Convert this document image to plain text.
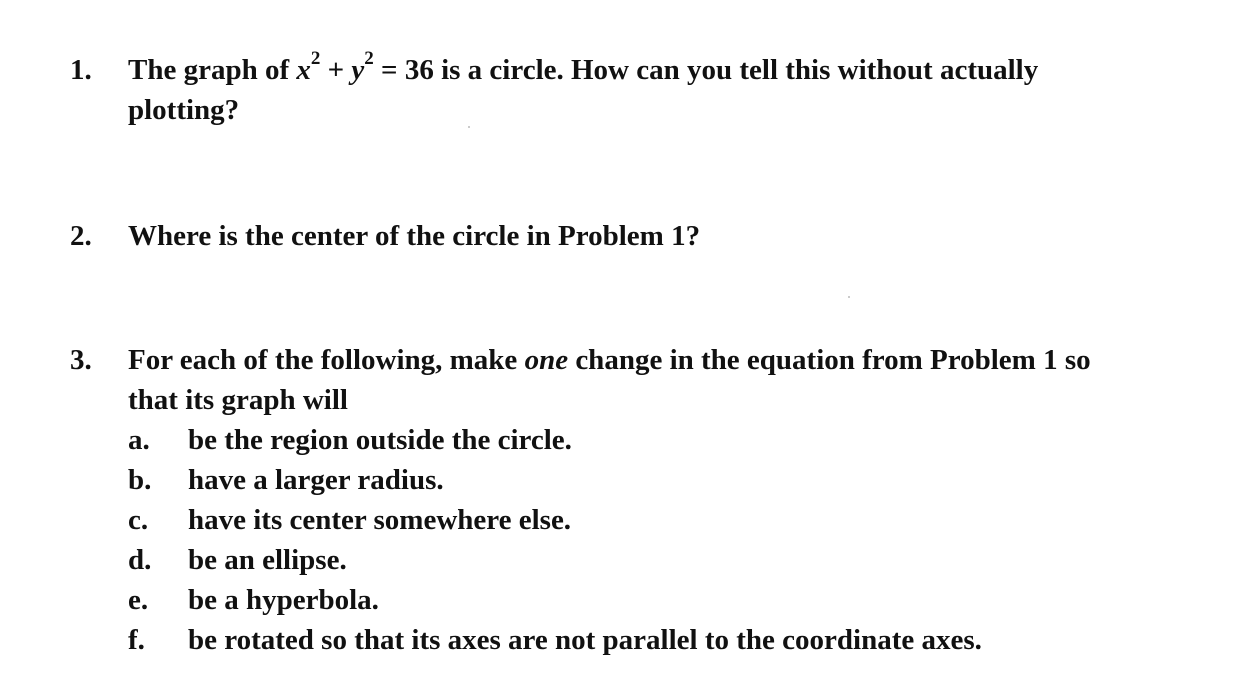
1.	The graph of $x^2 + y^2 = 36$ is a circle. How can you tell this without actually
plotting?
2.	Where is the center of the circle in Problem 1?
3.	For each of the following, make one change in the equation from Problem 1 so
that its graph will
a.	be the region outside the circle.
b.	have a larger radius.
c.	have its center somewhere else.
d.	be an ellipse.
e.	be a hyperbola.
f.	be rotated so that its axes are not parallel to the coordinate axes.
